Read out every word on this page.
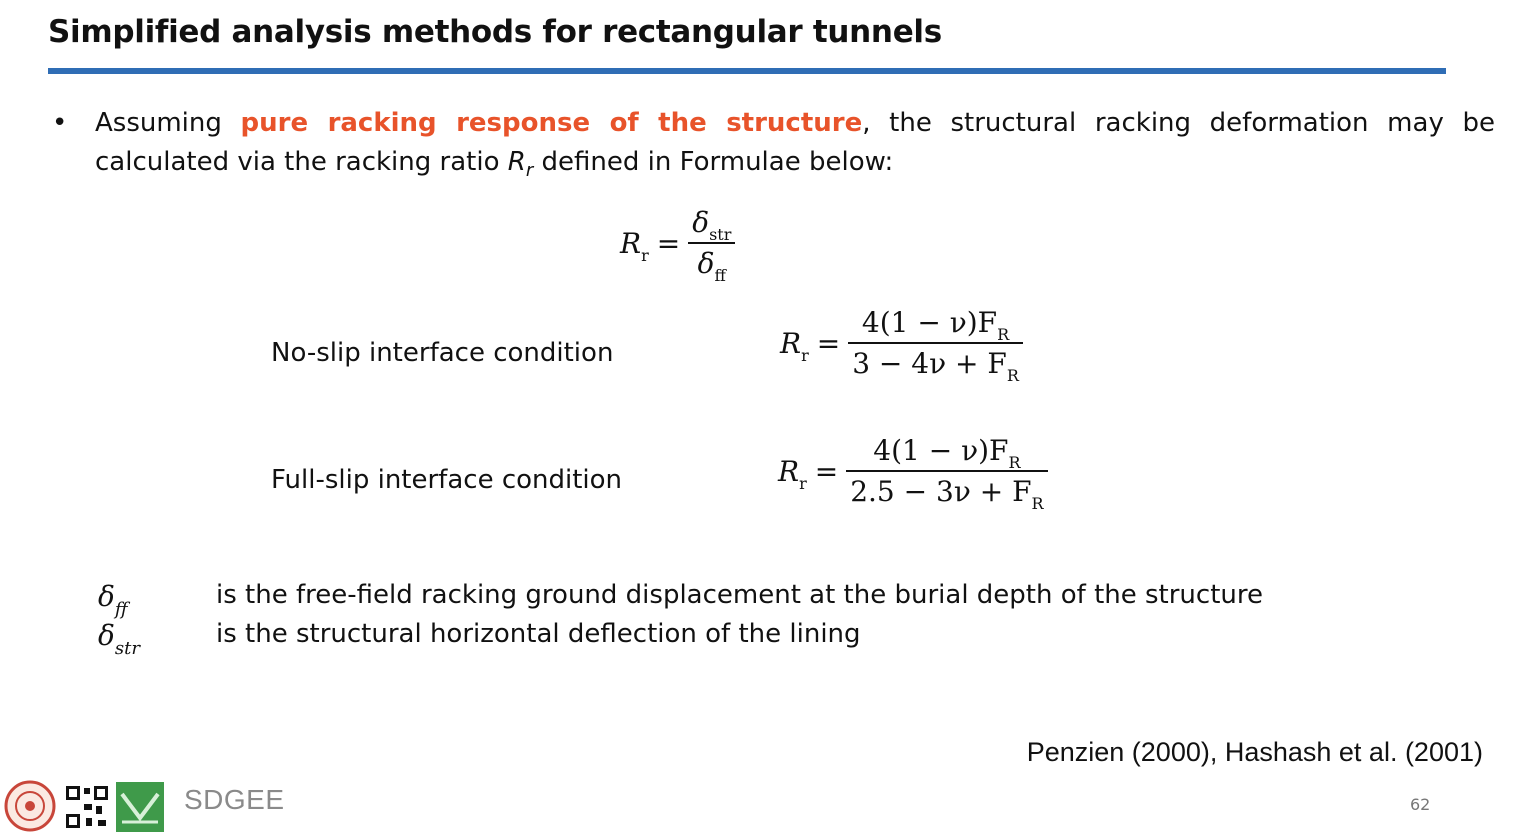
Simplified analysis methods for rectangular tunnels
• Assuming pure racking response of the structure, the structural racking deformation may be calculated via the racking ratio $R_r$ defined in Formulae below:
$R_r = \frac{\delta_{str}}{\delta_{ff}}$
No-slip interface condition	$R_r = \frac{4(1 - \nu)F_R}{3 - 4\nu + F_R}$
Full-slip interface condition	$R_r = \frac{4(1 - \nu)F_R}{2.5 - 3\nu + F_R}$
$\delta_{ff}$	is the free-field racking ground displacement at the burial depth of the structure
$\delta_{str}$	is the structural horizontal deflection of the lining
Penzien (2000), Hashash et al. (2001)
SDGEE	62
